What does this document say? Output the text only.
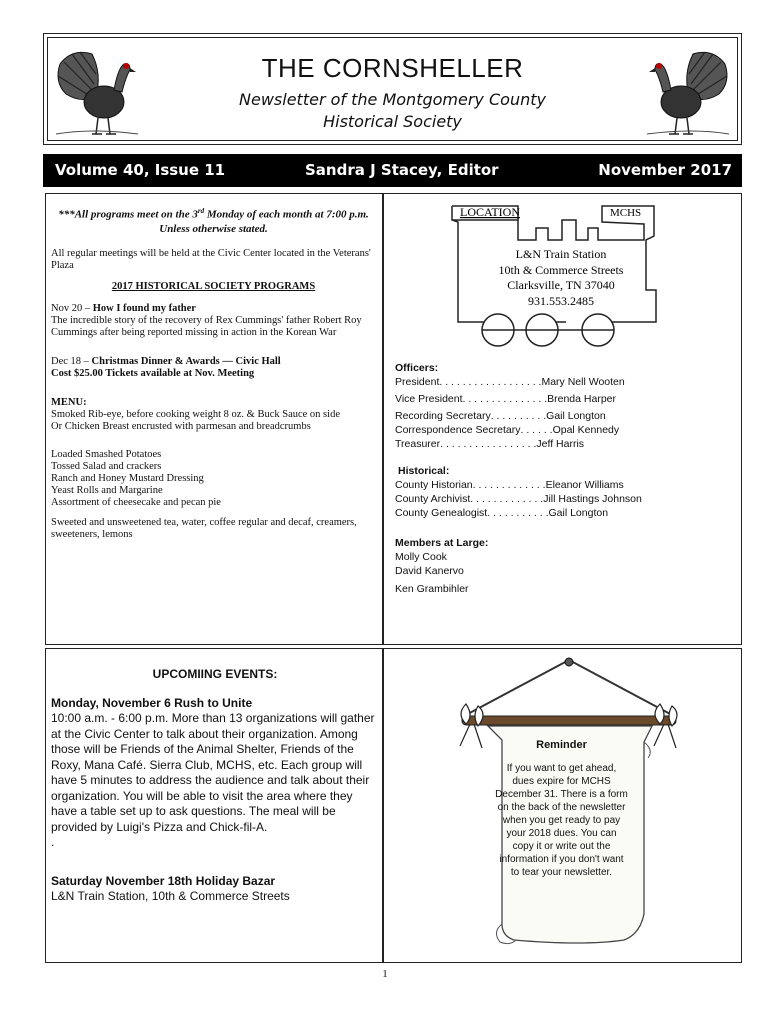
THE CORNSHELLER
Newsletter of the Montgomery County
Historical Society
Volume 40, Issue 11	Sandra J Stacey, Editor	November 2017
***All programs meet on the 3rd Monday of each month at 7:00 p.m. Unless otherwise stated.

All regular meetings will be held at the Civic Center located in the Veterans' Plaza

2017 HISTORICAL SOCIETY PROGRAMS
Nov 20 – How I found my father

The incredible story of the recovery of Rex Cummings' father Robert Roy Cummings after being reported missing in action in the Korean War

Dec 18 – Christmas Dinner & Awards — Civic Hall

Cost $25.00 Tickets available at Nov. Meeting

MENU:
Smoked Rib-eye, before cooking weight 8 oz. & Buck Sauce on side
Or Chicken Breast encrusted with parmesan and breadcrumbs
Loaded Smashed Potatoes
Tossed Salad and crackers
Ranch and Honey Mustard Dressing
Yeast Rolls and Margarine
Assortment of cheesecake and pecan pie
Sweeted and unsweetened tea, water, coffee regular and decaf, creamers, sweeteners, lemons
LOCATION	MCHS
L&N Train Station
10th & Commerce Streets
Clarksville, TN 37040
931.553.2485
Officers:
President . . . . . . . . . . . . . . . . . . Mary Nell Wooten
Vice President . . . . . . . . . . . . . . . Brenda Harper
Recording Secretary . . . . . . . . . . Gail Longton
Correspondence Secretary . . . . . . Opal Kennedy
Treasurer . . . . . . . . . . . . . . . . . Jeff Harris
Historical:
County Historian . . . . . . . . . . . . . Eleanor Williams
County Archivist . . . . . . . . . . . . . Jill Hastings Johnson
County Genealogist . . . . . . . . . . . Gail Longton
Members at Large:
Molly Cook
David Kanervo
Ken Grambihler
UPCOMIING EVENTS:
Monday, November 6 Rush to Unite
10:00 a.m. - 6:00 p.m. More than 13 organizations will gather at the Civic Center to talk about their organization. Among those will be Friends of the Animal Shelter, Friends of the Roxy, Mana Café. Sierra Club, MCHS, etc. Each group will have 5 minutes to address the audience and talk about their organization. You will be able to visit the area where they have a table set up to ask questions. The meal will be provided by Luigi's Pizza and Chick-fil-A.
.
Saturday November 18th Holiday Bazar
L&N Train Station, 10th & Commerce Streets
Reminder
If you want to get ahead, dues expire for MCHS December 31. There is a form on the back of the newsletter when you get ready to pay your 2018 dues. You can copy it or write out the information if you don't want to tear your newsletter.
1
